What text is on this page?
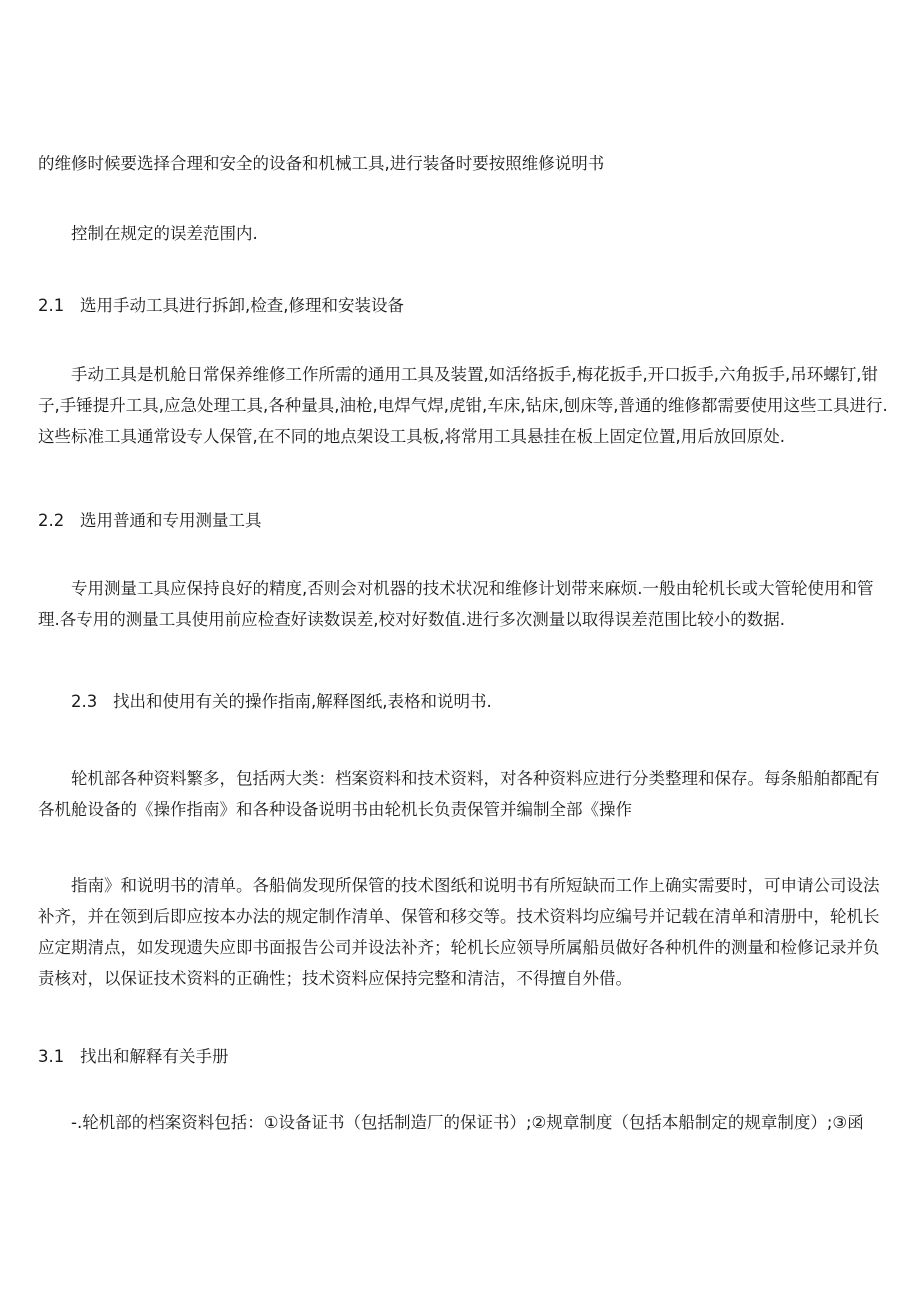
的维修时候要选择合理和安全的设备和机械工具,进行装备时要按照维修说明书

控制在规定的误差范围内.

2.1 选用手动工具进行拆卸,检查,修理和安装设备

手动工具是机舱日常保养维修工作所需的通用工具及装置,如活络扳手,梅花扳手,开口扳手,六角扳手,吊环螺钉,钳子,手锤提升工具,应急处理工具,各种量具,油枪,电焊气焊,虎钳,车床,钻床,刨床等,普通的维修都需要使用这些工具进行.这些标准工具通常设专人保管,在不同的地点架设工具板,将常用工具悬挂在板上固定位置,用后放回原处.

2.2 选用普通和专用测量工具

专用测量工具应保持良好的精度,否则会对机器的技术状况和维修计划带来麻烦.一般由轮机长或大管轮使用和管理.各专用的测量工具使用前应检查好读数误差,校对好数值.进行多次测量以取得误差范围比较小的数据.

2.3 找出和使用有关的操作指南,解释图纸,表格和说明书.

轮机部各种资料繁多，包括两大类：档案资料和技术资料，对各种资料应进行分类整理和保存。每条船舶都配有各机舱设备的《操作指南》和各种设备说明书由轮机长负责保管并编制全部《操作

指南》和说明书的清单。各船倘发现所保管的技术图纸和说明书有所短缺而工作上确实需要时，可申请公司设法补齐，并在领到后即应按本办法的规定制作清单、保管和移交等。技术资料均应编号并记载在清单和清册中，轮机长应定期清点，如发现遗失应即书面报告公司并设法补齐；轮机长应领导所属船员做好各种机件的测量和检修记录并负责核对，以保证技术资料的正确性；技术资料应保持完整和清洁，不得擅自外借。

3.1 找出和解释有关手册

-.轮机部的档案资料包括：①设备证书（包括制造厂的保证书）;②规章制度（包括本船制定的规章制度）;③函
